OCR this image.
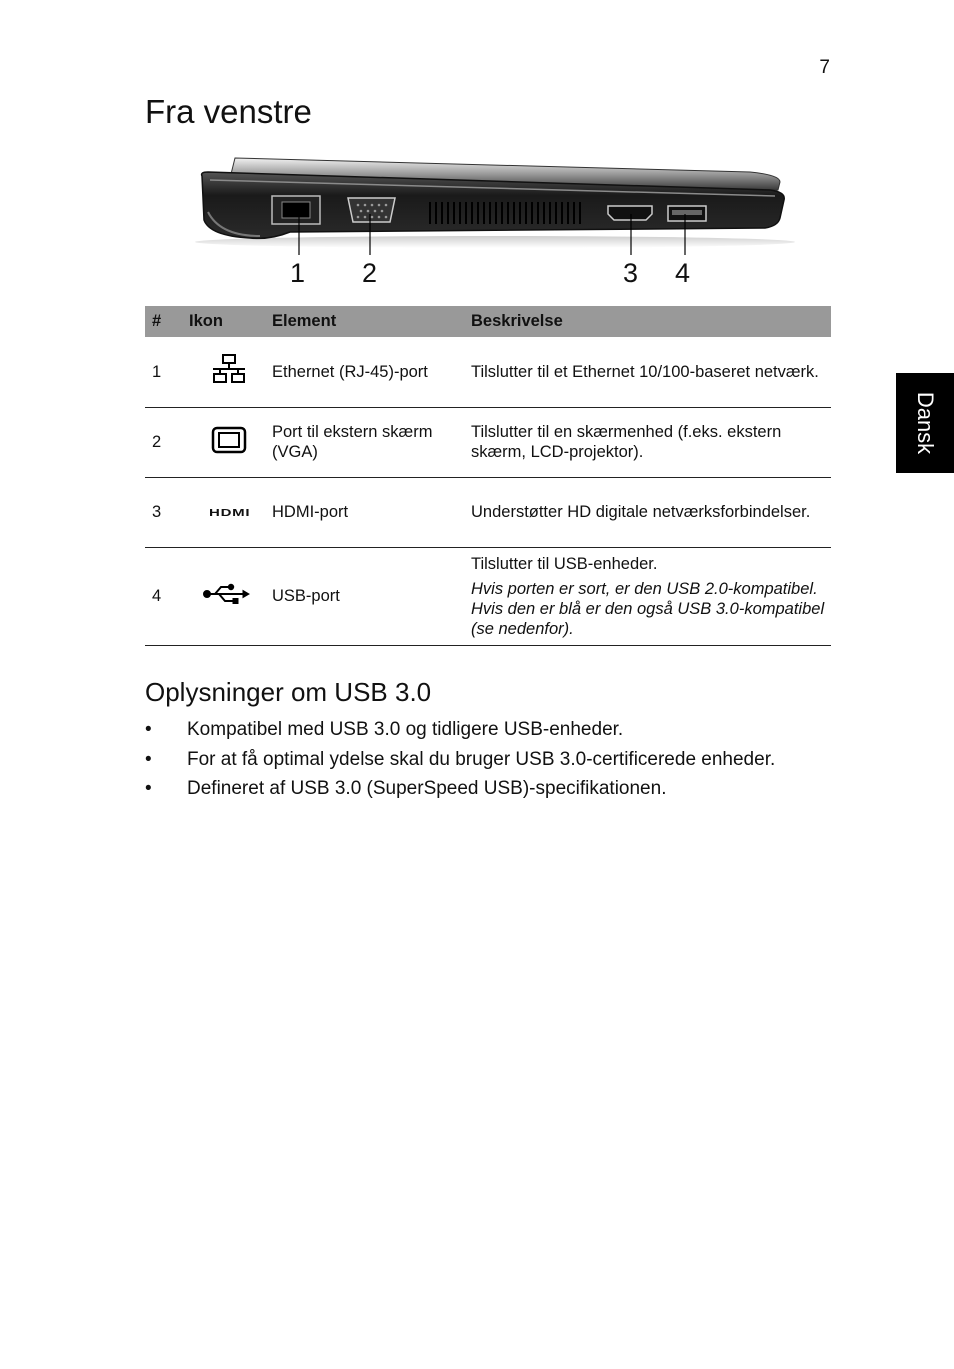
7
Fra venstre
Dansk
1 2	3 4
#	Ikon	Element	Beskrivelse
1		Ethernet (RJ-45)-port	Tilslutter til et Ethernet 10/100-baseret netværk.
2		Port til ekstern skærm (VGA)	Tilslutter til en skærmenhed (f.eks. ekstern skærm, LCD-projektor).
3	HDMI	HDMI-port	Understøtter HD digitale netværksforbindelser.
4		USB-port	Tilslutter til USB-enheder.
Hvis porten er sort, er den USB 2.0-kompatibel. Hvis den er blå er den også USB 3.0-kompatibel (se nedenfor).
Oplysninger om USB 3.0
• Kompatibel med USB 3.0 og tidligere USB-enheder.
• For at få optimal ydelse skal du bruger USB 3.0-certificerede enheder.
• Defineret af USB 3.0 (SuperSpeed USB)-specifikationen.
